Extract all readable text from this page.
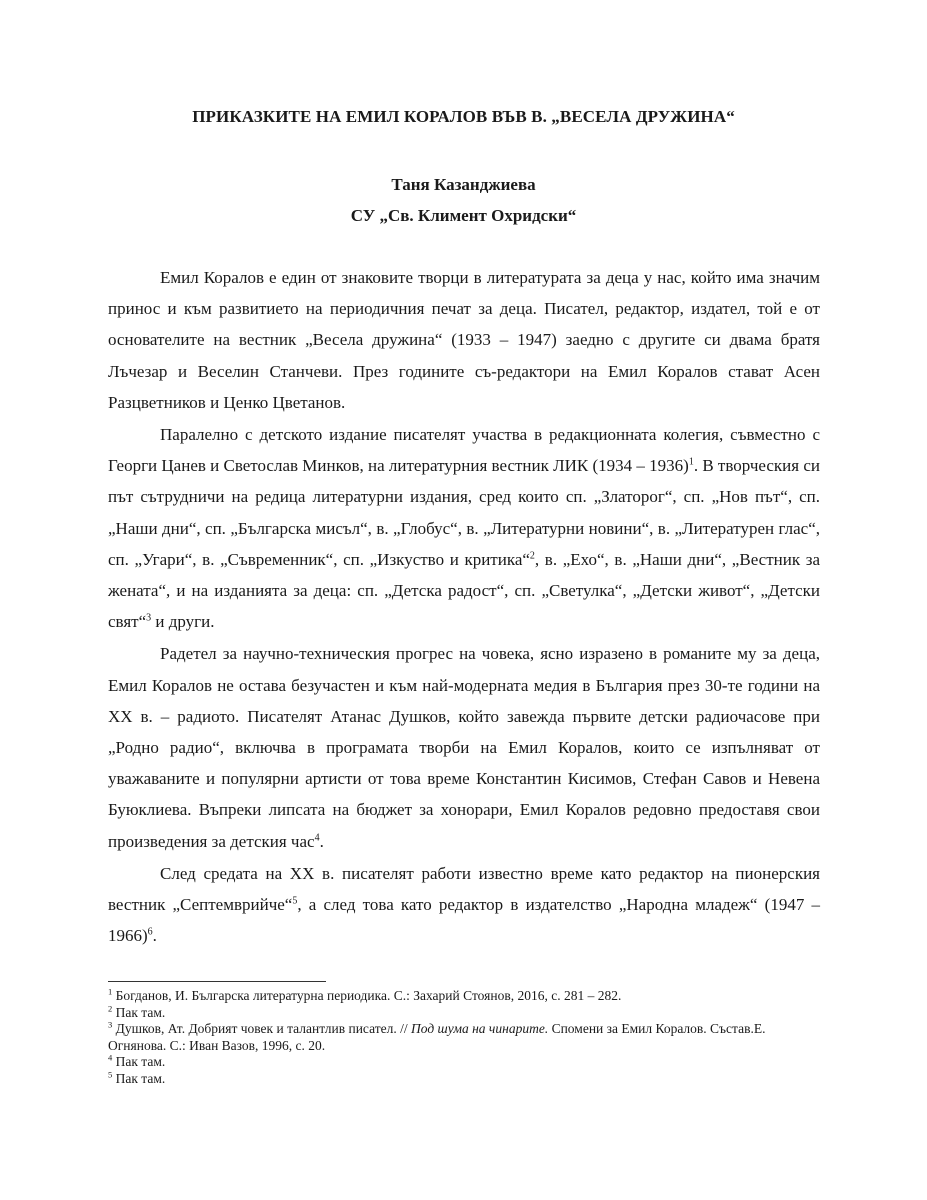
ПРИКАЗКИТЕ НА ЕМИЛ КОРАЛОВ ВЪВ В. „ВЕСЕЛА ДРУЖИНА“
Таня Казанджиева
СУ „Св. Климент Охридски“

Емил Коралов е един от знаковите творци в литературата за деца у нас, който има значим принос и към развитието на периодичния печат за деца. Писател, редактор, издател, той е от основателите на вестник „Весела дружина“ (1933 – 1947) заедно с другите си двама братя Лъчезар и Веселин Станчеви. През годините съ-редактори на Емил Коралов стават Асен Разцветников и Ценко Цветанов.

Паралелно с детското издание писателят участва в редакционната колегия, съвместно с Георги Цанев и Светослав Минков, на литературния вестник ЛИК (1934 – 1936)$^1$. В творческия си път сътрудничи на редица литературни издания, сред които сп. „Златорог“, сп. „Нов път“, сп. „Наши дни“, сп. „Българска мисъл“, в. „Глобус“, в. „Литературни новини“, в. „Литературен глас“, сп. „Угари“, в. „Съвременник“, сп. „Изкуство и критика“$^2$, в. „Ехо“, в. „Наши дни“, „Вестник за жената“, и на изданията за деца: сп. „Детска радост“, сп. „Светулка“, „Детски живот“, „Детски свят“$^3$ и други.

Радетел за научно-техническия прогрес на човека, ясно изразено в романите му за деца, Емил Коралов не остава безучастен и към най-модерната медия в България през 30-те години на XX в. – радиото. Писателят Атанас Душков, който завежда първите детски радиочасове при „Родно радио“, включва в програмата творби на Емил Коралов, които се изпълняват от уважаваните и популярни артисти от това време Константин Кисимов, Стефан Савов и Невена Буюклиева. Въпреки липсата на бюджет за хонорари, Емил Коралов редовно предоставя свои произведения за детския час$^4$.

След средата на XX в. писателят работи известно време като редактор на пионерския вестник „Септемврийче“$^5$, а след това като редактор в издателство „Народна младеж“ (1947 – 1966)$^6$.

$^1$ Богданов, И. Българска литературна периодика. С.: Захарий Стоянов, 2016, с. 281 – 282.

$^2$ Пак там.

$^3$ Душков, Ат. Добрият човек и талантлив писател. // Под шума на чинарите. Спомени за Емил Коралов. Състав.Е. Огнянова. С.: Иван Вазов, 1996, с. 20.

$^4$ Пак там.

$^5$ Пак там.
